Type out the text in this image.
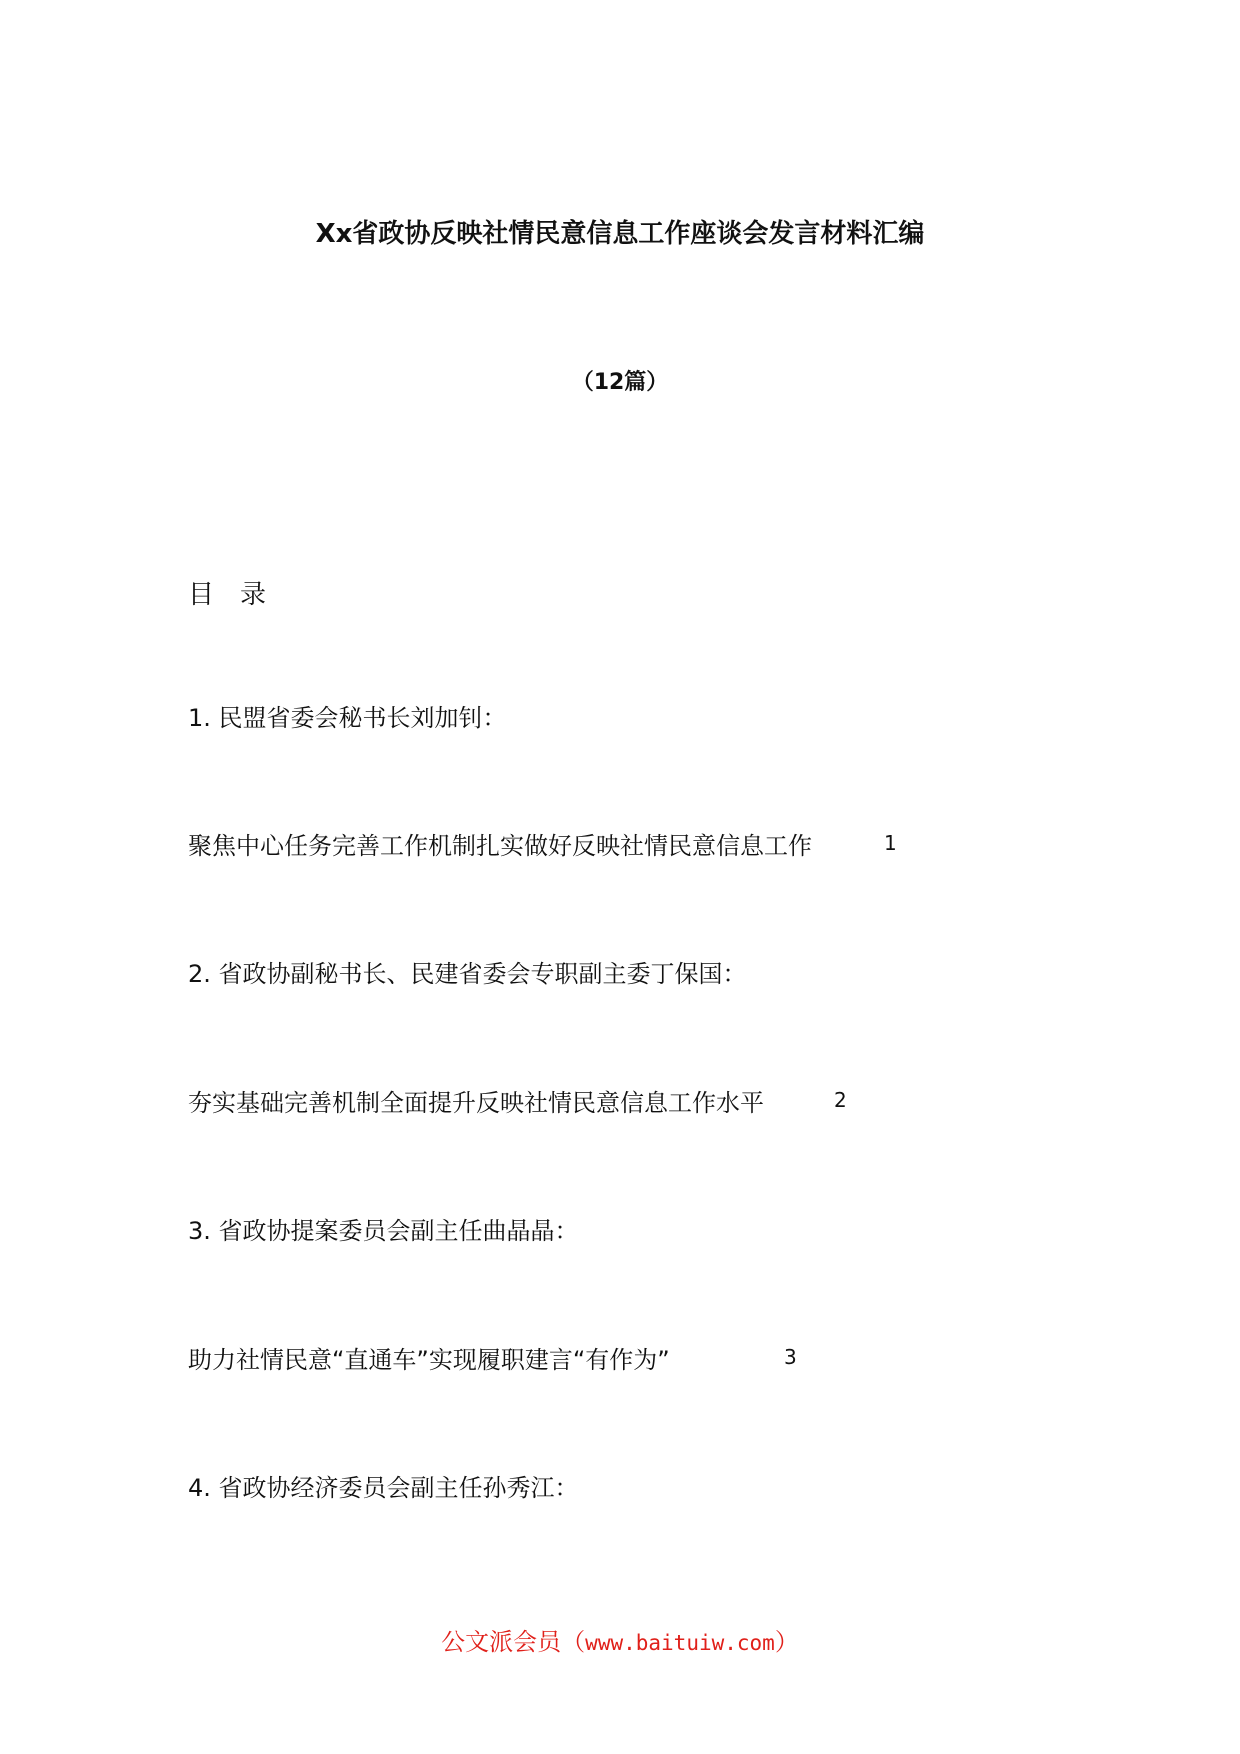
Xx省政协反映社情民意信息工作座谈会发言材料汇编
（12篇）
目 录
1. 民盟省委会秘书长刘加钊：
聚焦中心任务完善工作机制扎实做好反映社情民意信息工作	1
2. 省政协副秘书长、民建省委会专职副主委丁保国：
夯实基础完善机制全面提升反映社情民意信息工作水平	2
3. 省政协提案委员会副主任曲晶晶：
助力社情民意“直通车”实现履职建言“有作为”	3
4. 省政协经济委员会副主任孙秀江：
公文派会员（www.baituiw.com）
